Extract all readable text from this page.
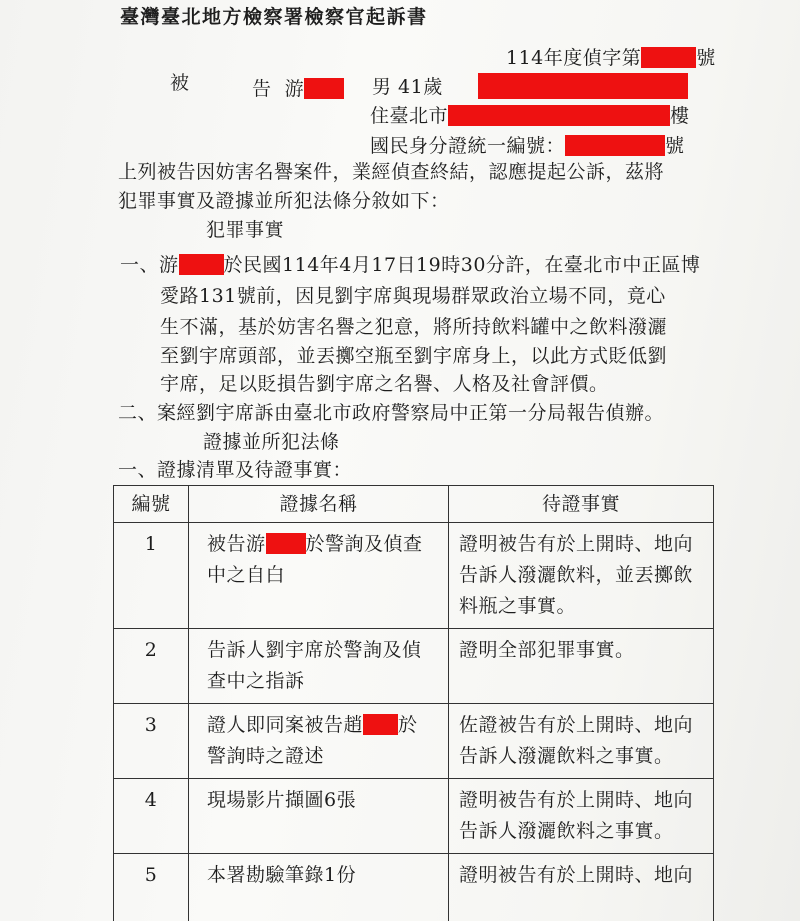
臺灣臺北地方檢察署檢察官起訴書
114年度偵字第	號
被	告 游	男 41歲
住臺北市	樓
國民身分證統一編號：	號
上列被告因妨害名譽案件，業經偵查終結，認應提起公訴，茲將
犯罪事實及證據並所犯法條分敘如下：
犯罪事實
一、游 於民國114年4月17日19時30分許，在臺北市中正區博
愛路131號前，因見劉宇席與現場群眾政治立場不同，竟心
生不滿，基於妨害名譽之犯意，將所持飲料罐中之飲料潑灑
至劉宇席頭部，並丟擲空瓶至劉宇席身上，以此方式貶低劉
宇席，足以貶損告劉宇席之名譽、人格及社會評價。
二、案經劉宇席訴由臺北市政府警察局中正第一分局報告偵辦。
證據並所犯法條
一、證據清單及待證事實：
編號	證據名稱	待證事實
1	被告游 於警詢及偵查
中之自白	證明被告有於上開時、地向
告訴人潑灑飲料，並丟擲飲
料瓶之事實。

2	告訴人劉宇席於警詢及偵
查中之指訴	證明全部犯罪事實。

3	證人即同案被告趙 於
警詢時之證述	佐證被告有於上開時、地向
告訴人潑灑飲料之事實。

4	現場影片擷圖6張	證明被告有於上開時、地向
告訴人潑灑飲料之事實。

5	本署勘驗筆錄1份	證明被告有於上開時、地向
